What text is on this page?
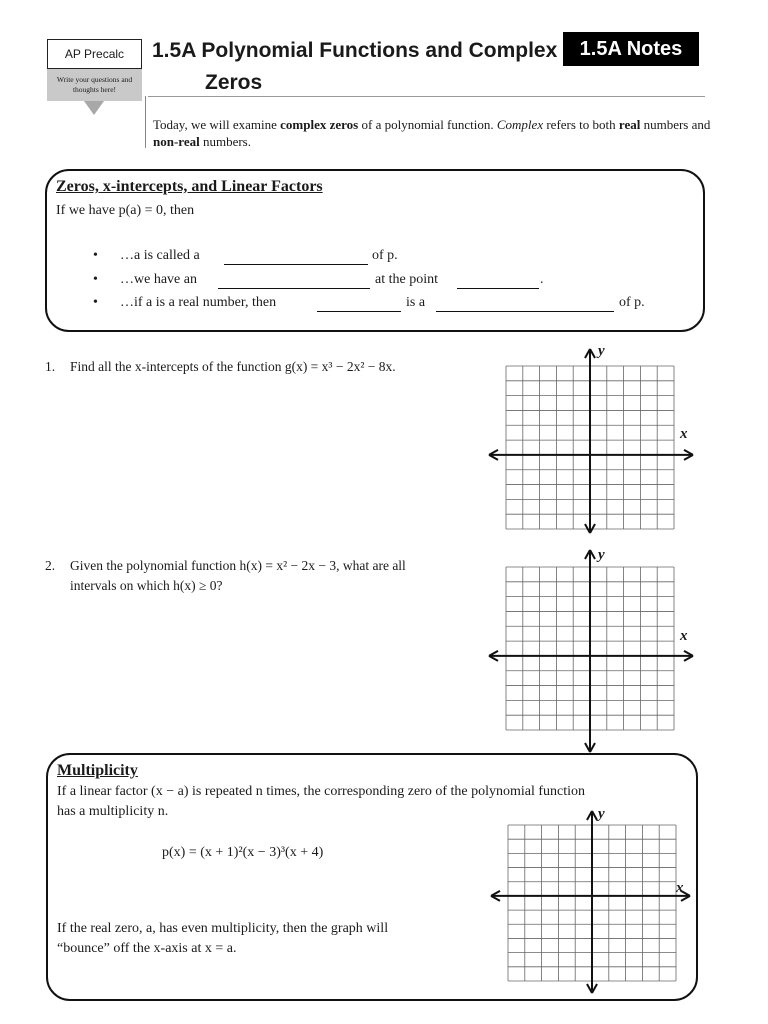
AP Precalc
Write your questions and thoughts here!
1.5A Polynomial Functions and Complex
Zeros
1.5A Notes
Today, we will examine complex zeros of a polynomial function. Complex refers to both real numbers and non-real numbers.
Zeros, x-intercepts, and Linear Factors
If we have p(a) = 0, then
• …a is called a	of p.
• …we have an	at the point	.
• …if a is a real number, then	is a	of p.
1. Find all the x-intercepts of the function g(x) = x³ − 2x² − 8x.
2. Given the polynomial function h(x) = x² − 2x − 3, what are all
intervals on which h(x) ≥ 0?
y
x
y
x
Multiplicity
If a linear factor (x − a) is repeated n times, the corresponding zero of the polynomial function
has a multiplicity n.
p(x) = (x + 1)²(x − 3)³(x + 4)
If the real zero, a, has even multiplicity, then the graph will
“bounce” off the x-axis at x = a.
y
x
